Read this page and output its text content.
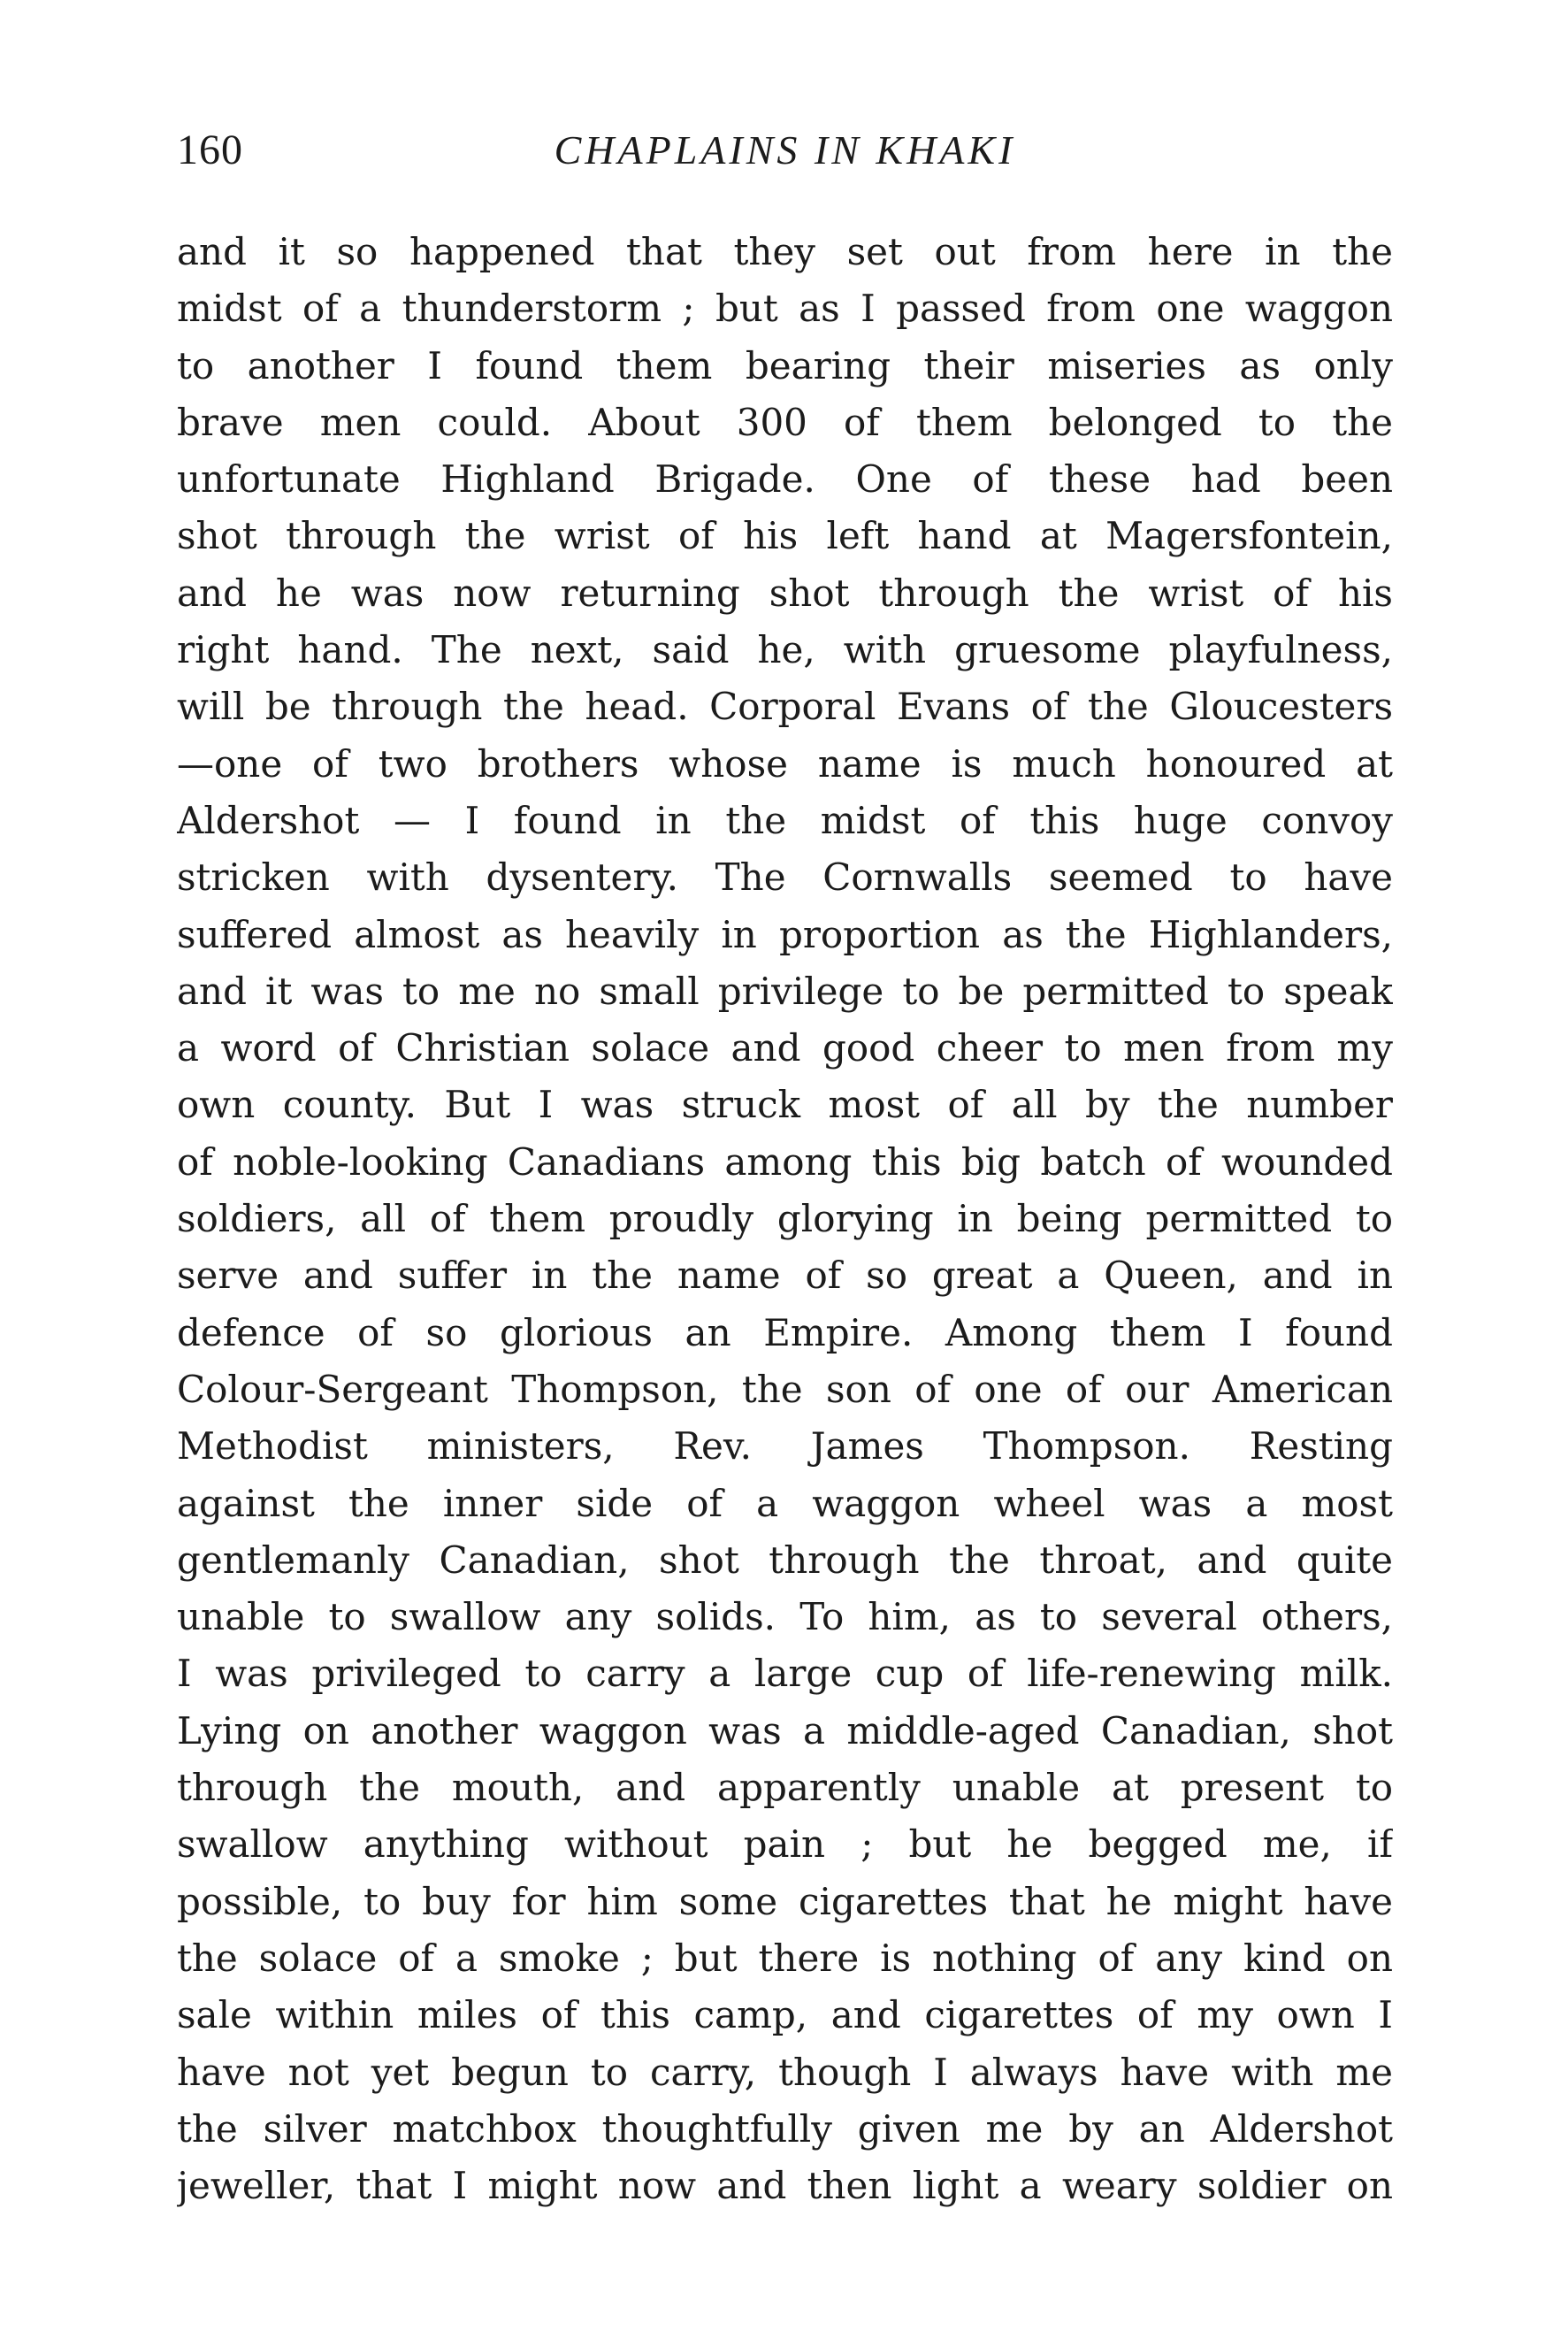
160	CHAPLAINS IN KHAKI
and it so happened that they set out from here in the
midst of a thunderstorm ; but as I passed from one waggon
to another I found them bearing their miseries as only
brave men could. About 300 of them belonged to the
unfortunate Highland Brigade. One of these had been
shot through the wrist of his left hand at Magersfontein,
and he was now returning shot through the wrist of his
right hand. The next, said he, with gruesome playfulness,
will be through the head. Corporal Evans of the Gloucesters
—one of two brothers whose name is much honoured at
Aldershot — I found in the midst of this huge convoy
stricken with dysentery. The Cornwalls seemed to have
suffered almost as heavily in proportion as the Highlanders,
and it was to me no small privilege to be permitted to speak
a word of Christian solace and good cheer to men from my
own county. But I was struck most of all by the number
of noble-looking Canadians among this big batch of wounded
soldiers, all of them proudly glorying in being permitted to
serve and suffer in the name of so great a Queen, and in
defence of so glorious an Empire. Among them I found
Colour-Sergeant Thompson, the son of one of our American
Methodist ministers, Rev. James Thompson. Resting
against the inner side of a waggon wheel was a most
gentlemanly Canadian, shot through the throat, and quite
unable to swallow any solids. To him, as to several others,
I was privileged to carry a large cup of life-renewing milk.
Lying on another waggon was a middle-aged Canadian, shot
through the mouth, and apparently unable at present to
swallow anything without pain ; but he begged me, if
possible, to buy for him some cigarettes that he might have
the solace of a smoke ; but there is nothing of any kind on
sale within miles of this camp, and cigarettes of my own I
have not yet begun to carry, though I always have with me
the silver matchbox thoughtfully given me by an Aldershot
jeweller, that I might now and then light a weary soldier on
